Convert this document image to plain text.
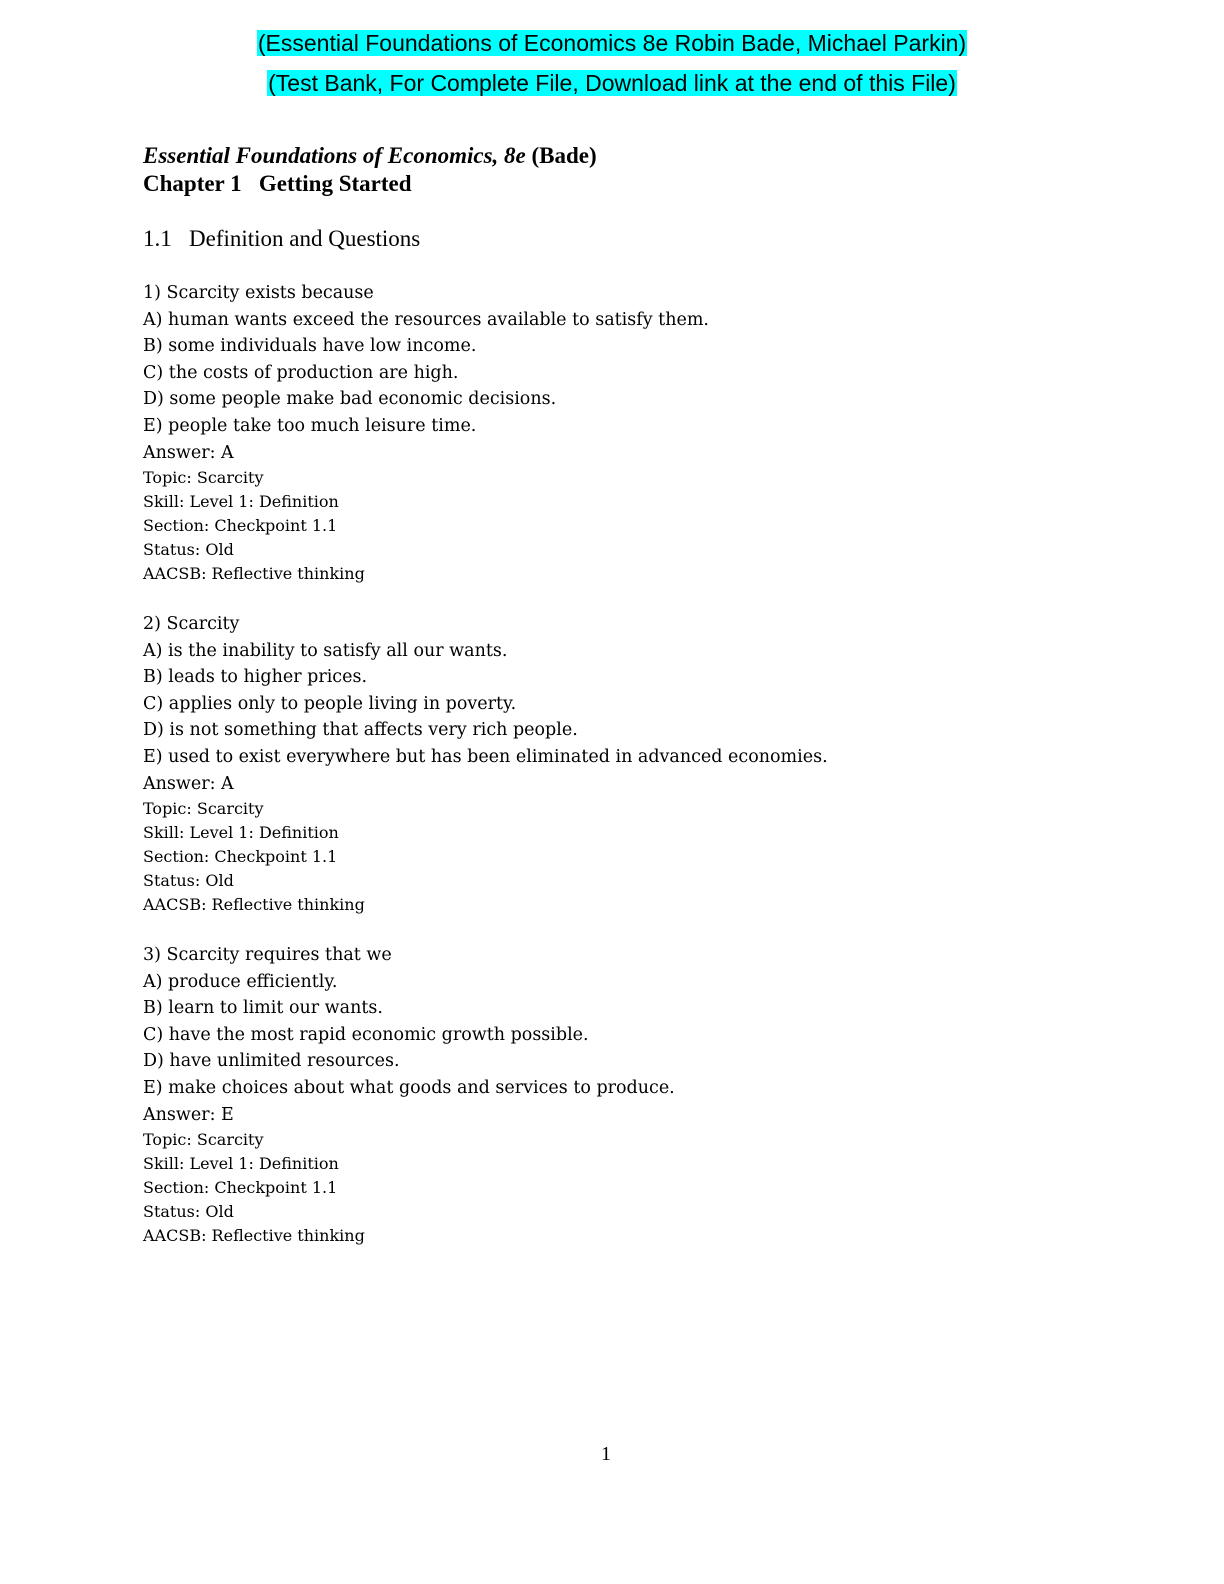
(Essential Foundations of Economics 8e Robin Bade, Michael Parkin)
(Test Bank, For Complete File, Download link at the end of this File)
Essential Foundations of Economics, 8e (Bade)
Chapter 1   Getting Started
1.1   Definition and Questions
1) Scarcity exists because
A) human wants exceed the resources available to satisfy them.
B) some individuals have low income.
C) the costs of production are high.
D) some people make bad economic decisions.
E) people take too much leisure time.
Answer: A
Topic: Scarcity
Skill: Level 1: Definition
Section: Checkpoint 1.1
Status: Old
AACSB: Reflective thinking
2) Scarcity
A) is the inability to satisfy all our wants.
B) leads to higher prices.
C) applies only to people living in poverty.
D) is not something that affects very rich people.
E) used to exist everywhere but has been eliminated in advanced economies.
Answer: A
Topic: Scarcity
Skill: Level 1: Definition
Section: Checkpoint 1.1
Status: Old
AACSB: Reflective thinking
3) Scarcity requires that we
A) produce efficiently.
B) learn to limit our wants.
C) have the most rapid economic growth possible.
D) have unlimited resources.
E) make choices about what goods and services to produce.
Answer: E
Topic: Scarcity
Skill: Level 1: Definition
Section: Checkpoint 1.1
Status: Old
AACSB: Reflective thinking
1
